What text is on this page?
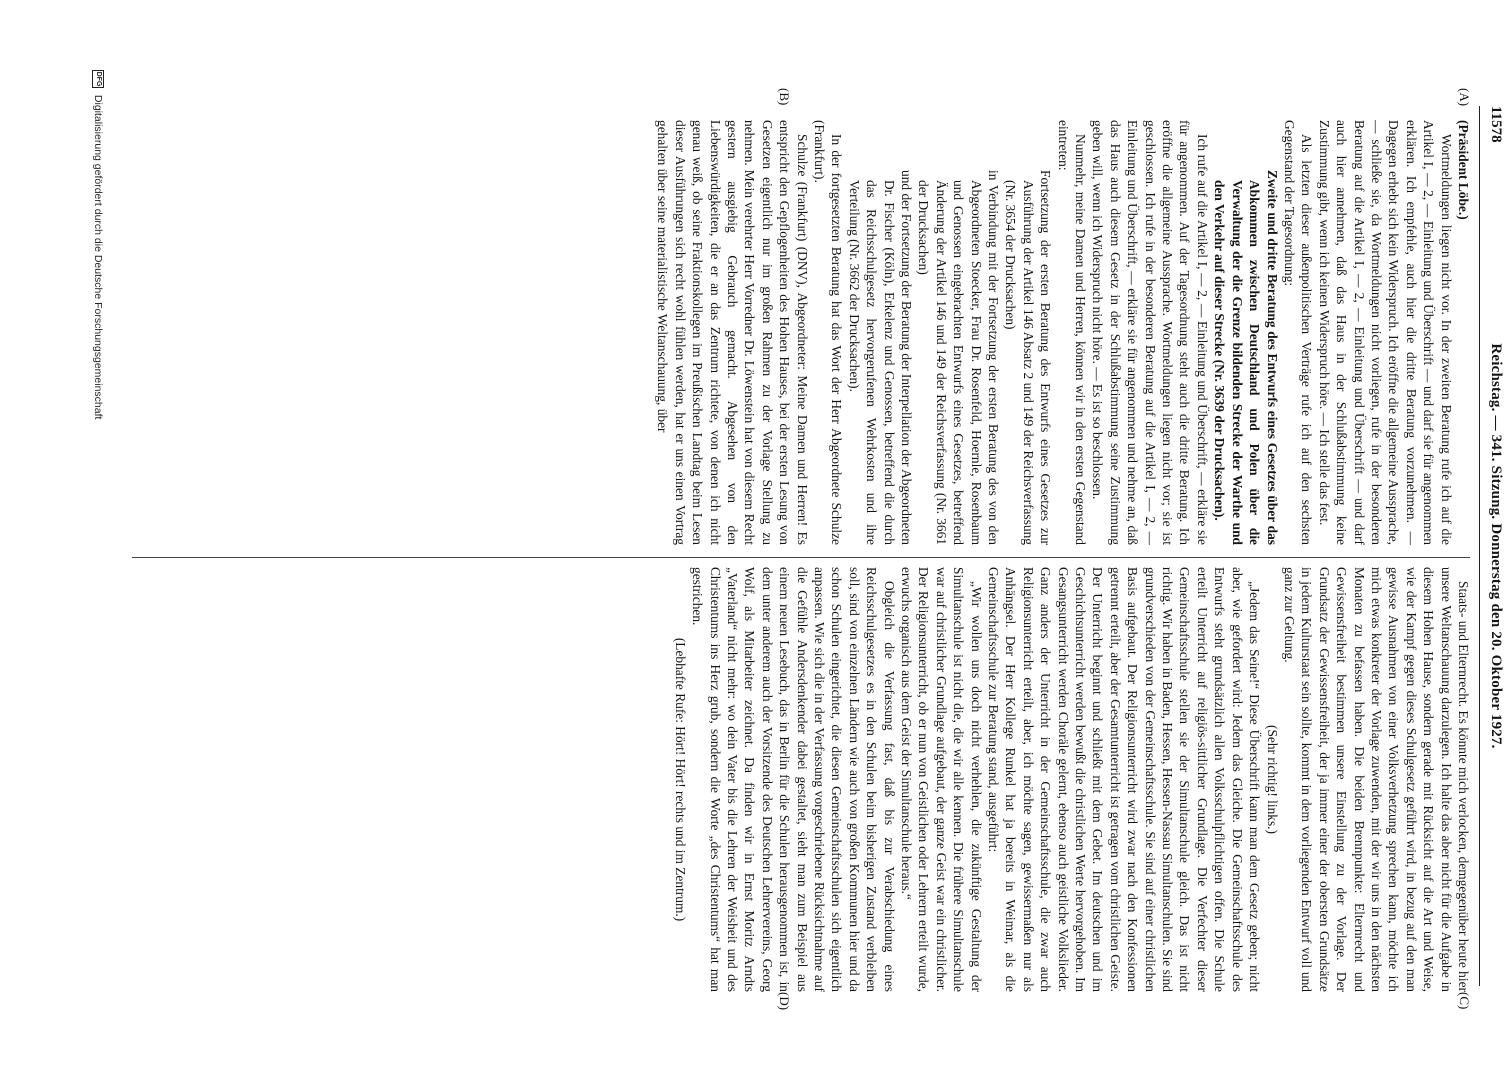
11578
Reichstag. — 341. Sitzung. Donnerstag den 20. Oktober 1927.
(A)
(B)
(C)
(D)

(Präsident Löbe.)

Wortmeldungen liegen nicht vor. In der zweiten Beratung rufe ich auf die Artikel I, — 2, — Einleitung und Überschrift — und darf sie für angenommen erklären. Ich empfehle, auch hier die dritte Beratung vorzunehmen. — Dagegen erhebt sich kein Widerspruch. Ich eröffne die allgemeine Aussprache, — schließe sie, da Wortmeldungen nicht vorliegen, rufe in der besonderen Beratung auf die Artikel I, — 2, — Einleitung und Überschrift — und darf auch hier annehmen, daß das Haus in der Schlußabstimmung keine Zustimmung gibt, wenn ich keinen Widerspruch höre. — Ich stelle das fest.

Als letzten dieser außenpolitischen Verträge rufe ich auf den sechsten Gegenstand der Tagesordnung:

Zweite und dritte Beratung des Entwurfs eines Gesetzes über das Abkommen zwischen Deutschland und Polen über die Verwaltung der die Grenze bildenden Strecke der Warthe und den Verkehr auf dieser Strecke (Nr. 3639 der Drucksachen).

Ich rufe auf die Artikel I, — 2, — Einleitung und Überschrift, — erkläre sie für angenommen. Auf der Tagesordnung steht auch die dritte Beratung. Ich eröffne die allgemeine Aussprache. Wortmeldungen liegen nicht vor; sie ist geschlossen. Ich rufe in der besonderen Beratung auf die Artikel I, — 2, — Einleitung und Überschrift, — erkläre sie für angenommen und nehme an, daß das Haus auch diesem Gesetz in der Schlußabstimmung seine Zustimmung geben will, wenn ich Widerspruch nicht höre. — Es ist so beschlossen.

Nunmehr, meine Damen und Herren, können wir in den ersten Gegenstand eintreten:

Fortsetzung der ersten Beratung des Entwurfs eines Gesetzes zur Ausführung der Artikel 146 Absatz 2 und 149 der Reichsverfassung (Nr. 3654 der Drucksachen)

in Verbindung mit der Fortsetzung der ersten Beratung des von den Abgeordneten Stoecker, Frau Dr. Rosenfeld, Hoernle, Rosenbaum und Genossen eingebrachten Entwurfs eines Gesetzes, betreffend Änderung der Artikel 146 und 149 der Reichsverfassung (Nr. 3661 der Drucksachen)

und der Fortsetzung der Beratung der Interpellation der Abgeordneten Dr. Fischer (Köln), Erkelenz und Genossen, betreffend die durch das Reichsschulgesetz hervorgerufenen Wehrkosten und ihre Verteilung (Nr. 3662 der Drucksachen).

In der fortgesetzten Beratung hat das Wort der Herr Abgeordnete Schulze (Frankfurt).

Schulze (Frankfurt) (DNV), Abgeordneter: Meine Damen und Herren! Es entspricht den Gepflogenheiten des Hohen Hauses, bei der ersten Lesung von Gesetzen eigentlich nur im großen Rahmen zu der Vorlage Stellung zu nehmen. Mein verehrter Herr Vorredner Dr. Löwenstein hat von diesem Recht gestern ausgiebig Gebrauch gemacht. Abgesehen von den Liebenswürdigkeiten, die er an das Zentrum richtete, von denen ich nicht genau weiß, ob seine Fraktionskollegen im Preußischen Landtag beim Lesen dieser Ausführungen sich recht wohl fühlen werden, hat er uns einen Vortrag gehalten über seine materialistische Weltanschauung, über

Staats- und Elternrecht. Es könnte mich verlocken, demgegenüber heute hier unsere Weltanschauung darzulegen. Ich halte das aber nicht für die Aufgabe in diesem Hohen Hause, sondern gerade mit Rücksicht auf die Art und Weise, wie der Kampf gegen dieses Schulgesetz geführt wird, in bezug auf den man gewisse Ausnahmen von einer Volksverhetzung sprechen kann, möchte ich mich etwas konkreter der Vorlage zuwenden, mit der wir uns in den nächsten Monaten zu befassen haben. Die beiden Brennpunkte: Elternrecht und Gewissensfreiheit bestimmen unsere Einstellung zu der Vorlage. Der Grundsatz der Gewissensfreiheit, der ja immer einer der obersten Grundsätze in jedem Kulturstaat sein sollte, kommt in dem vorliegenden Entwurf voll und ganz zur Geltung.

(Sehr richtig! links.)

„Jedem das Seine!“ Diese Überschrift kann man dem Gesetz geben; nicht aber, wie gefordert wird: Jedem das Gleiche. Die Gemeinschaftsschule des Entwurfs steht grundsätzlich allen Volksschulpflichtigen offen. Die Schule erteilt Unterricht auf religiös-sittlicher Grundlage. Die Verfechter dieser Gemeinschaftsschule stellen sie der Simultanschule gleich. Das ist nicht richtig. Wir haben in Baden, Hessen, Hessen-Nassau Simultanschulen. Sie sind grundverschieden von der Gemeinschaftsschule. Sie sind auf einer christlichen Basis aufgebaut. Der Religionsunterricht wird zwar nach den Konfessionen getrennt erteilt, aber der Gesamtunterricht ist getragen vom christlichen Geiste. Der Unterricht beginnt und schließt mit dem Gebet. Im deutschen und im Geschichtsunterricht werden bewußt die christlichen Werte hervorgehoben. Im Gesangsunterricht werden Choräle gelernt, ebenso auch geistliche Volkslieder. Ganz anders der Unterricht in der Gemeinschaftsschule, die zwar auch Religionsunterricht erteilt, aber, ich möchte sagen, gewissermaßen nur als Anhängsel. Der Herr Kollege Runkel hat ja bereits in Weimar, als die Gemeinschaftsschule zur Beratung stand, ausgeführt:

„Wir wollen uns doch nicht verhehlen, die zukünftige Gestaltung der Simultanschule ist nicht die, die wir alle kennen. Die frühere Simultanschule war auf christlicher Grundlage aufgebaut, der ganze Geist war ein christlicher. Der Religionsunterricht, ob er nun von Geistlichen oder Lehrern erteilt wurde, erwuchs organisch aus dem Geist der Simultanschule heraus.“

Obgleich die Verfassung fast, daß bis zur Verabschiedung eines Reichsschulgesetzes es in den Schulen beim bisherigen Zustand verbleiben soll, sind von einzelnen Ländern wie auch von großen Kommunen hier und da schon Schulen eingerichtet, die diesen Gemeinschaftsschulen sich eigentlich anpassen. Wie sich die in der Verfassung vorgeschriebene Rücksichtnahme auf die Gefühle Andersdenkender dabei gestaltet, sieht man zum Beispiel aus einem neuen Lesebuch, das in Berlin für die Schulen herausgenommen ist, in dem unter anderem auch der Vorsitzende des Deutschen Lehrervereins, Georg Wolf, als Mitarbeiter zeichnet. Da finden wir in Ernst Moritz Arndts „Vaterland“ nicht mehr: wo dein Vater bis die Lehren der Weisheit und des Christentums ins Herz grub, sondern die Worte „des Christentums“ hat man gestrichen.

(Lebhafte Rufe: Hört! Hört! rechts und im Zentrum.)

DFG Digitalisierung gefördert durch die Deutsche Forschungsgemeinschaft
